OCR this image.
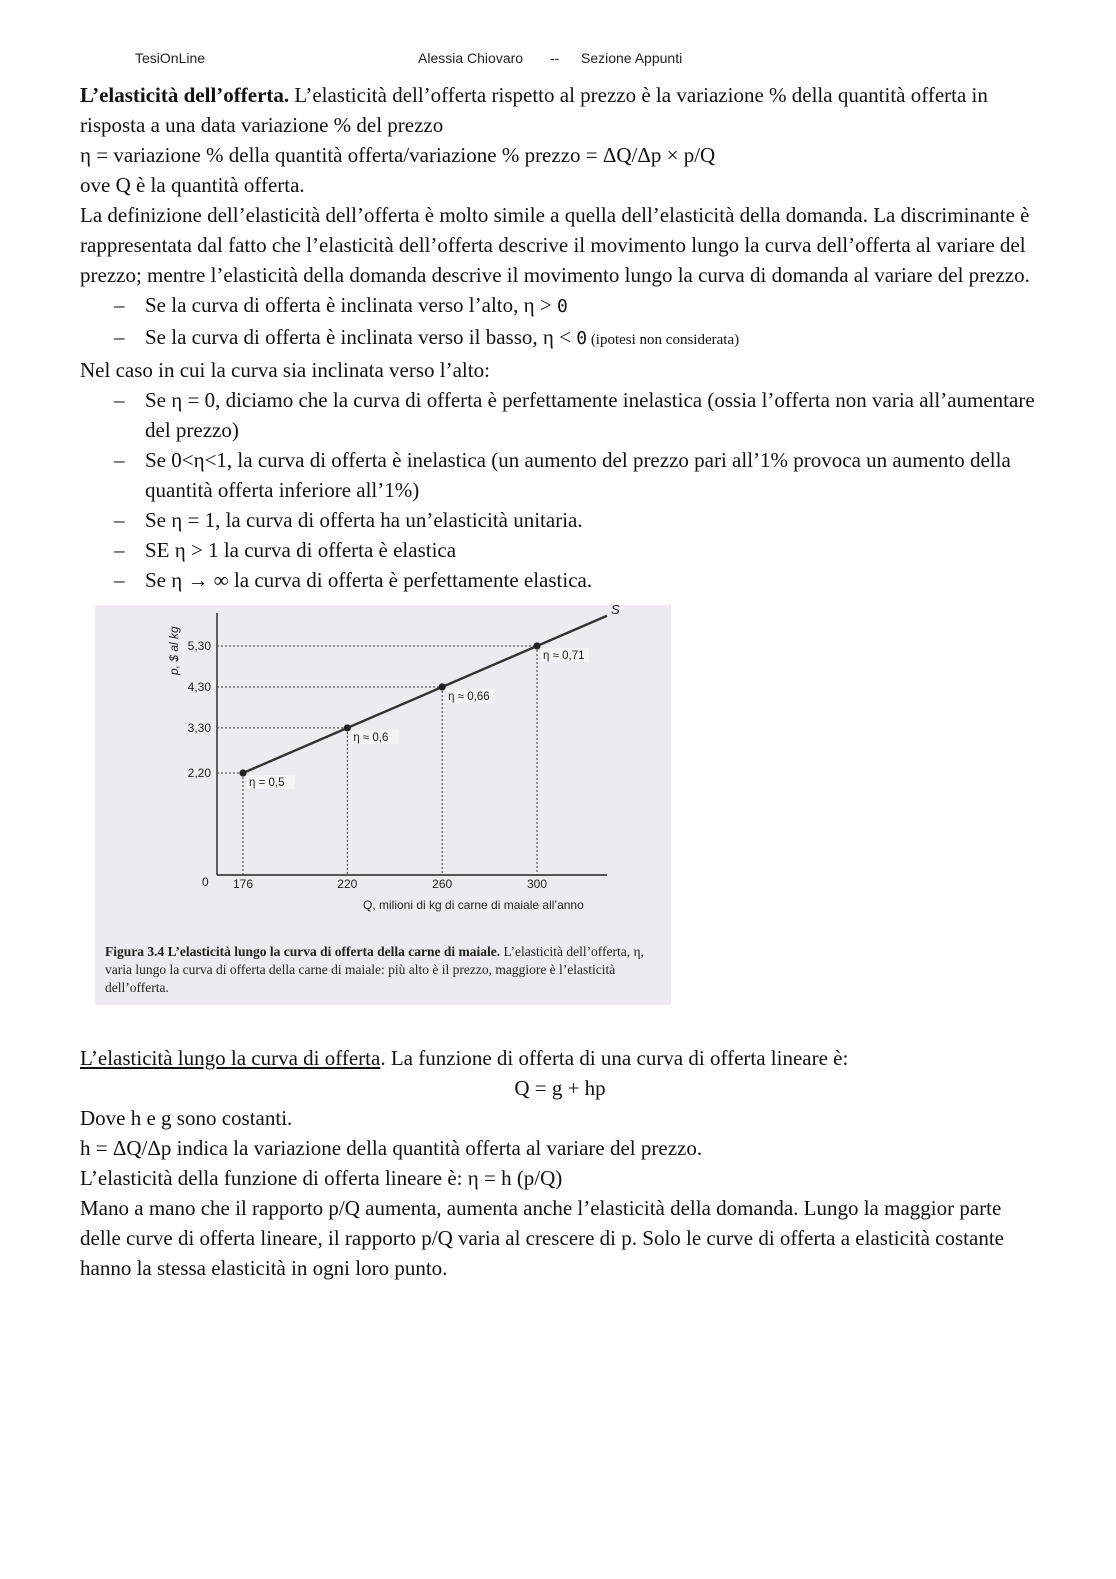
TesiOnLine	Alessia Chiovaro -- Sezione Appunti

L’elasticità dell’offerta. L’elasticità dell’offerta rispetto al prezzo è la variazione % della quantità offerta in risposta a una data variazione % del prezzo

η = variazione % della quantità offerta/variazione % prezzo = ΔQ/Δp × p/Q

ove Q è la quantità offerta.

La definizione dell’elasticità dell’offerta è molto simile a quella dell’elasticità della domanda. La discriminante è rappresentata dal fatto che l’elasticità dell’offerta descrive il movimento lungo la curva dell’offerta al variare del prezzo; mentre l’elasticità della domanda descrive il movimento lungo la curva di domanda al variare del prezzo.

– Se la curva di offerta è inclinata verso l’alto, η > 0
– Se la curva di offerta è inclinata verso il basso, η < 0 (ipotesi non considerata)

Nel caso in cui la curva sia inclinata verso l’alto:

– Se η = 0, diciamo che la curva di offerta è perfettamente inelastica (ossia l’offerta non varia all’aumentare del prezzo)
– Se 0<η<1, la curva di offerta è inelastica (un aumento del prezzo pari all’1% provoca un aumento della quantità offerta inferiore all’1%)
– Se η = 1, la curva di offerta ha un’elasticità unitaria.
– SE η > 1 la curva di offerta è elastica
– Se η → ∞ la curva di offerta è perfettamente elastica.
p, $ al kg
Q, milioni di kg di carne di maiale all’anno
0
2,20
176
3,30
220
4,30
260
5,30
300
S
η = 0,5
η ≈ 0,6
η ≈ 0,66
η ≈ 0,71
Figura 3.4 L’elasticità lungo la curva di offerta della carne di maiale. L’elasticità dell’offerta, η, varia lungo la curva di offerta della carne di maiale: più alto è il prezzo, maggiore è l’elasticità dell’offerta.

L’elasticità lungo la curva di offerta. La funzione di offerta di una curva di offerta lineare è:

Q = g + hp

Dove h e g sono costanti.

h = ΔQ/Δp indica la variazione della quantità offerta al variare del prezzo.

L’elasticità della funzione di offerta lineare è: η = h (p/Q)

Mano a mano che il rapporto p/Q aumenta, aumenta anche l’elasticità della domanda. Lungo la maggior parte delle curve di offerta lineare, il rapporto p/Q varia al crescere di p. Solo le curve di offerta a elasticità costante hanno la stessa elasticità in ogni loro punto.
